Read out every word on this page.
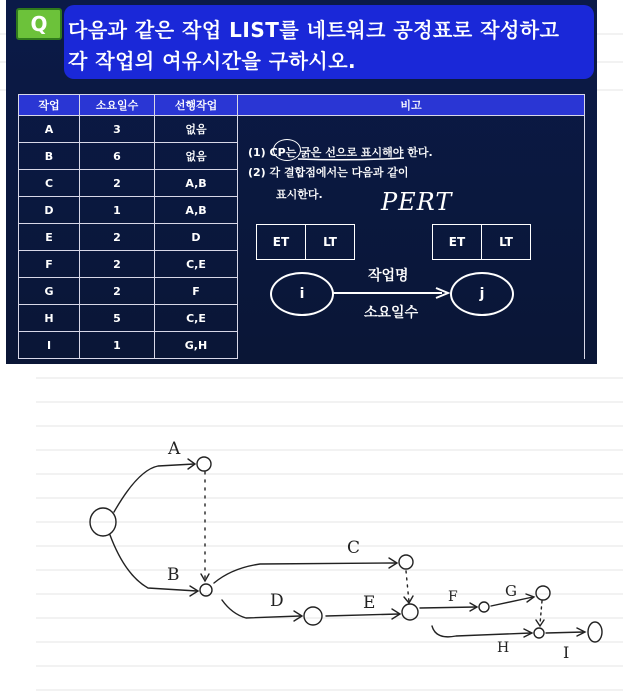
Q	다음과 같은 작업 LIST를 네트워크 공정표로 작성하고
각 작업의 여유시간을 구하시오.
작업	소요일수	선행작업	비고
A	3	없음	
B	6	없음	
C	2	A,B	
D	1	A,B	
E	2	D	
F	2	C,E	
G	2	F	
H	5	C,E	
I	1	G,H	
(1) CP는 굵은 선으로 표시해야 한다.
(2) 각 결합점에서는 다음과 같이
표시한다. PERT
ET	LT	ET	LT
i	j
작업명
소요일수
A
B
C
D	E	F	G
H	I
